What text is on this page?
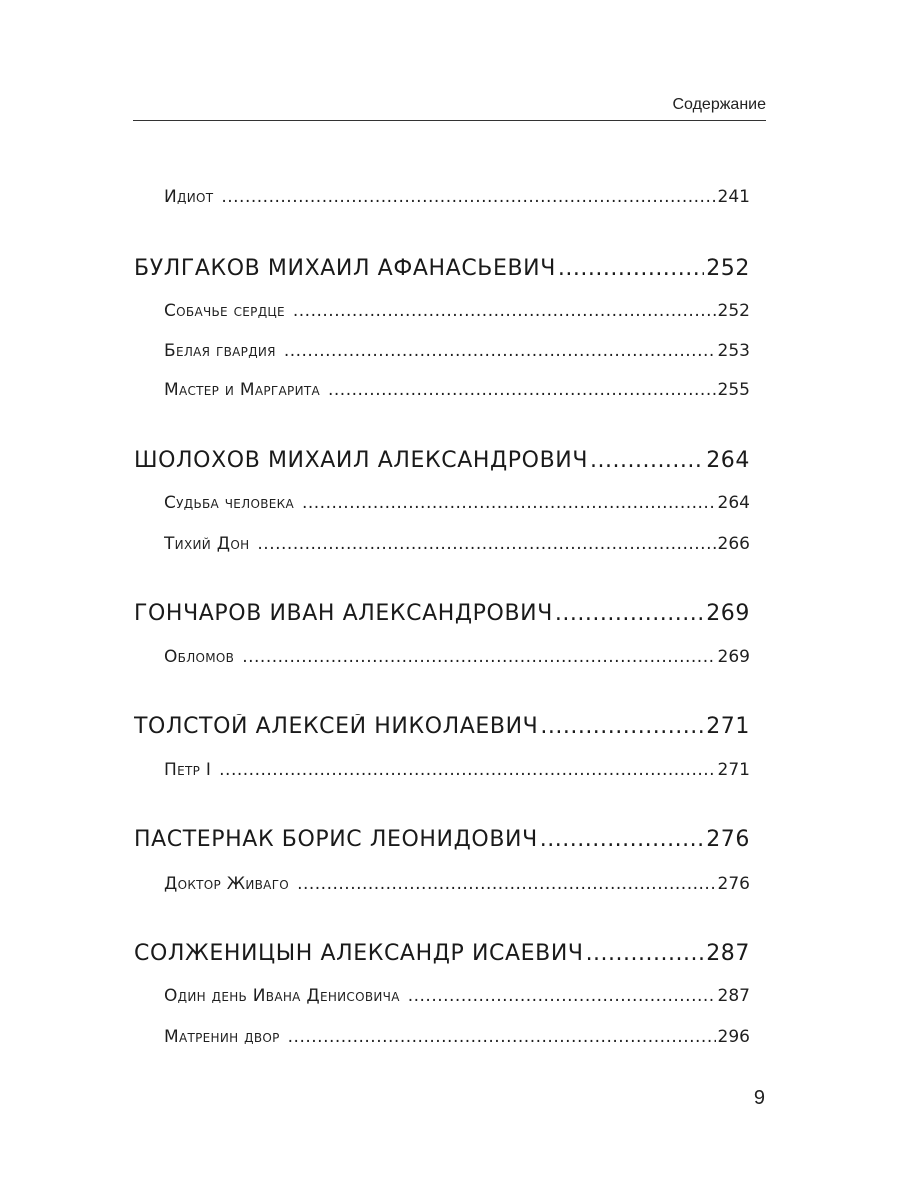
Содержание
Идиот .....	241
БУЛГАКОВ МИХАИЛ АФАНАСЬЕВИЧ .....	252
Собачье сердце .....	252
Белая гвардия .....	253
Мастер и Маргарита .....	255
ШОЛОХОВ МИХАИЛ АЛЕКСАНДРОВИЧ .....	264
Судьба человека .....	264
Тихий Дон .....	266
ГОНЧАРОВ ИВАН АЛЕКСАНДРОВИЧ .....	269
Обломов .....	269
ТОЛСТОЙ АЛЕКСЕЙ НИКОЛАЕВИЧ .....	271
Петр I .....	271
ПАСТЕРНАК БОРИС ЛЕОНИДОВИЧ .....	276
Доктор Живаго .....	276
СОЛЖЕНИЦЫН АЛЕКСАНДР ИСАЕВИЧ .....	287
Один день Ивана Денисовича .....	287
Матренин двор .....	296
9
